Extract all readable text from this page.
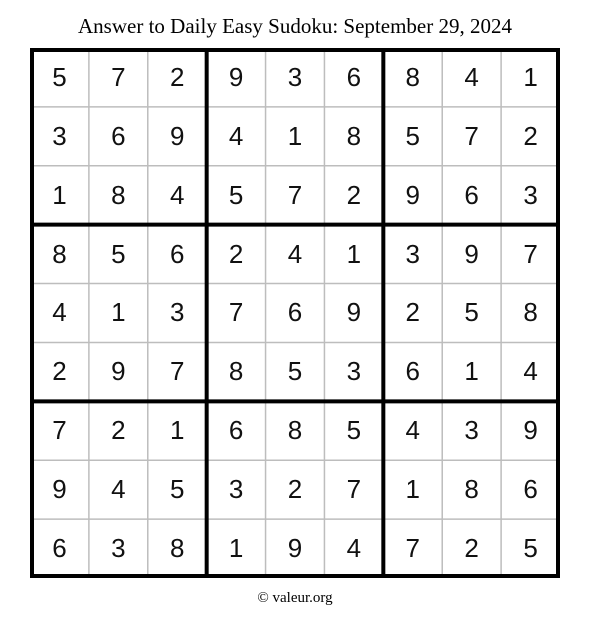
Answer to Daily Easy Sudoku: September 29, 2024
5	7	2	9	3	6	8	4	1
3	6	9	4	1	8	5	7	2
1	8	4	5	7	2	9	6	3
8	5	6	2	4	1	3	9	7
4	1	3	7	6	9	2	5	8
2	9	7	8	5	3	6	1	4
7	2	1	6	8	5	4	3	9
9	4	5	3	2	7	1	8	6
6	3	8	1	9	4	7	2	5
© valeur.org
